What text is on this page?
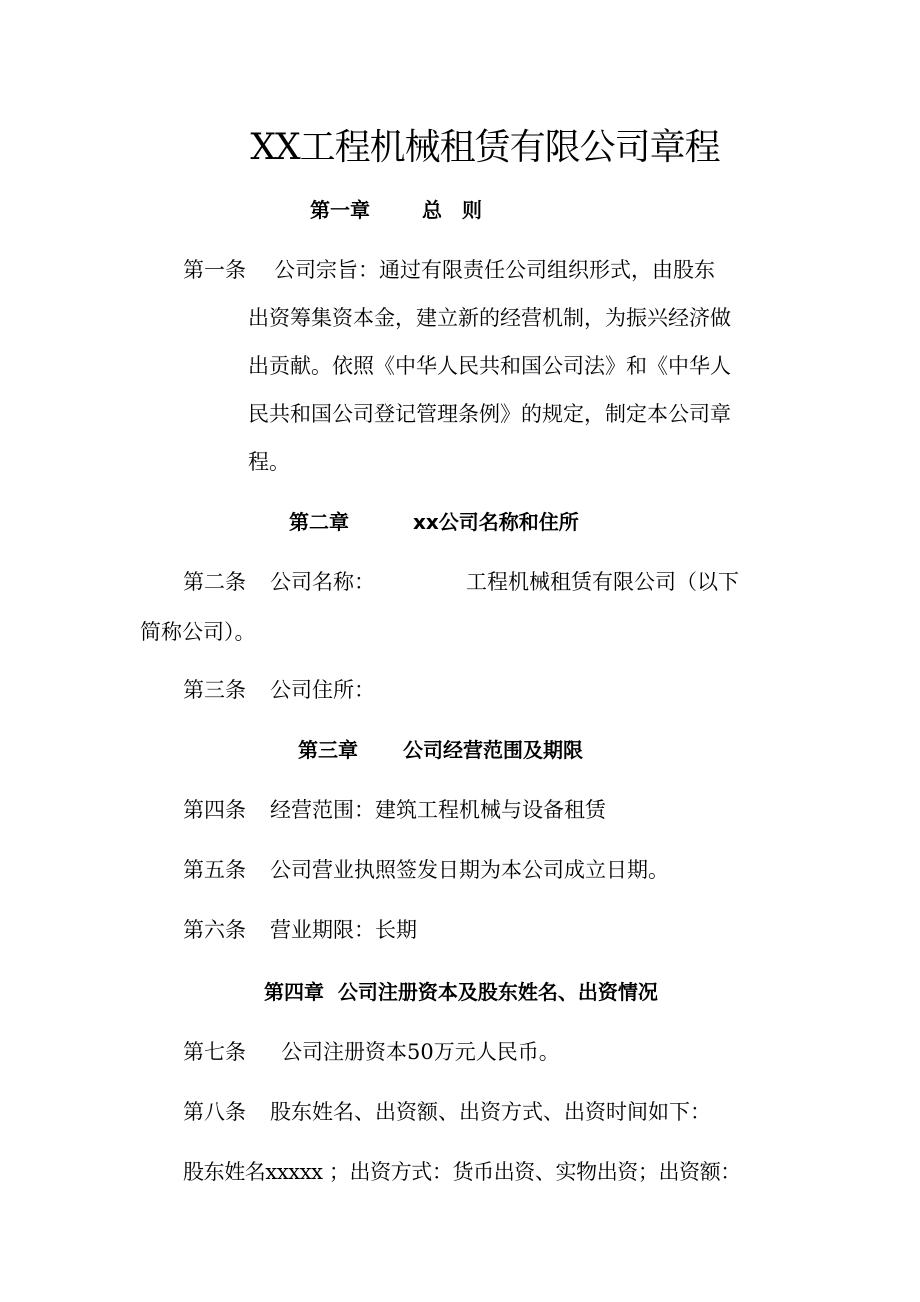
XX工程机械租赁有限公司章程
第一章	总　则
第一条 公司宗旨：通过有限责任公司组织形式，由股东
出资筹集资本金，建立新的经营机制，为振兴经济做
出贡献。依照《中华人民共和国公司法》和《中华人
民共和国公司登记管理条例》的规定，制定本公司章
程。
第二章	xx公司名称和住所
第二条 公司名称：	工程机械租赁有限公司（以下
简称公司）。
第三条 公司住所：
第三章 公司经营范围及期限
第四条 经营范围：建筑工程机械与设备租赁
第五条 公司营业执照签发日期为本公司成立日期。
第六条 营业期限：长期
第四章  公司注册资本及股东姓名、出资情况
第七条 公司注册资本50万元人民币。
第八条 股东姓名、出资额、出资方式、出资时间如下：
股东姓名xxxxx ；出资方式：货币出资、实物出资；出资额：
